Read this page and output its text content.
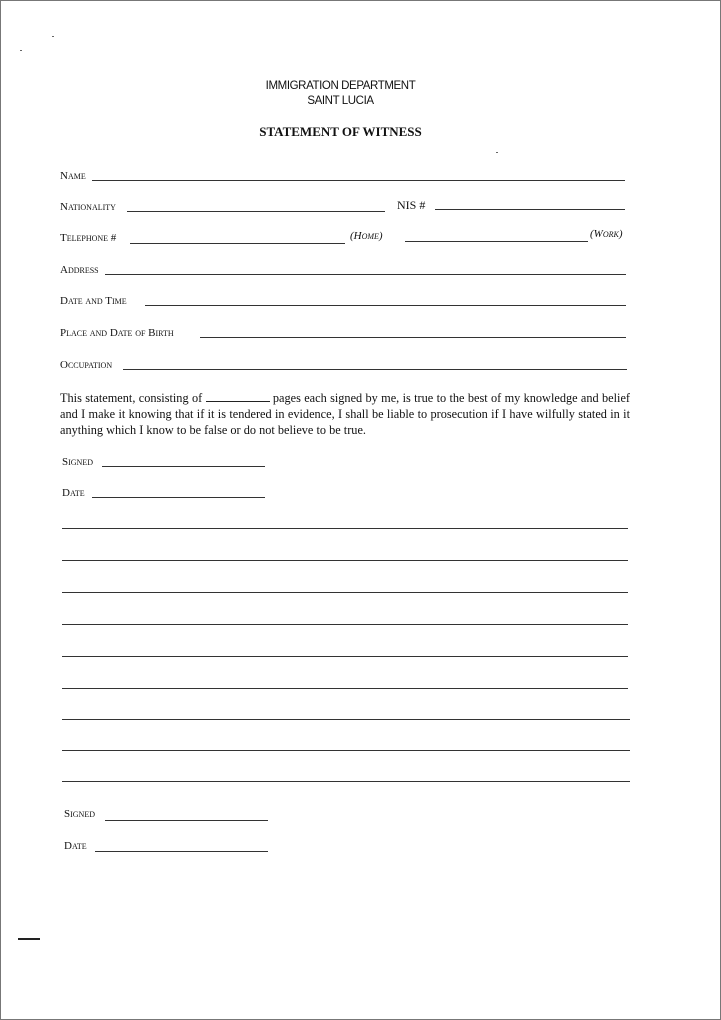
IMMIGRATION DEPARTMENT
SAINT LUCIA
STATEMENT OF WITNESS
Name
Nationality	NIS #
Telephone #	(Home)	(Work)
Address
Date and Time
Place and Date of Birth
Occupation
This statement, consisting of	pages each signed by me, is true to the best of my knowledge and belief and I make it knowing that if it is tendered in evidence, I shall be liable to prosecution if I have wilfully stated in it anything which I know to be false or do not believe to be true.
Signed
Date
Signed
Date
